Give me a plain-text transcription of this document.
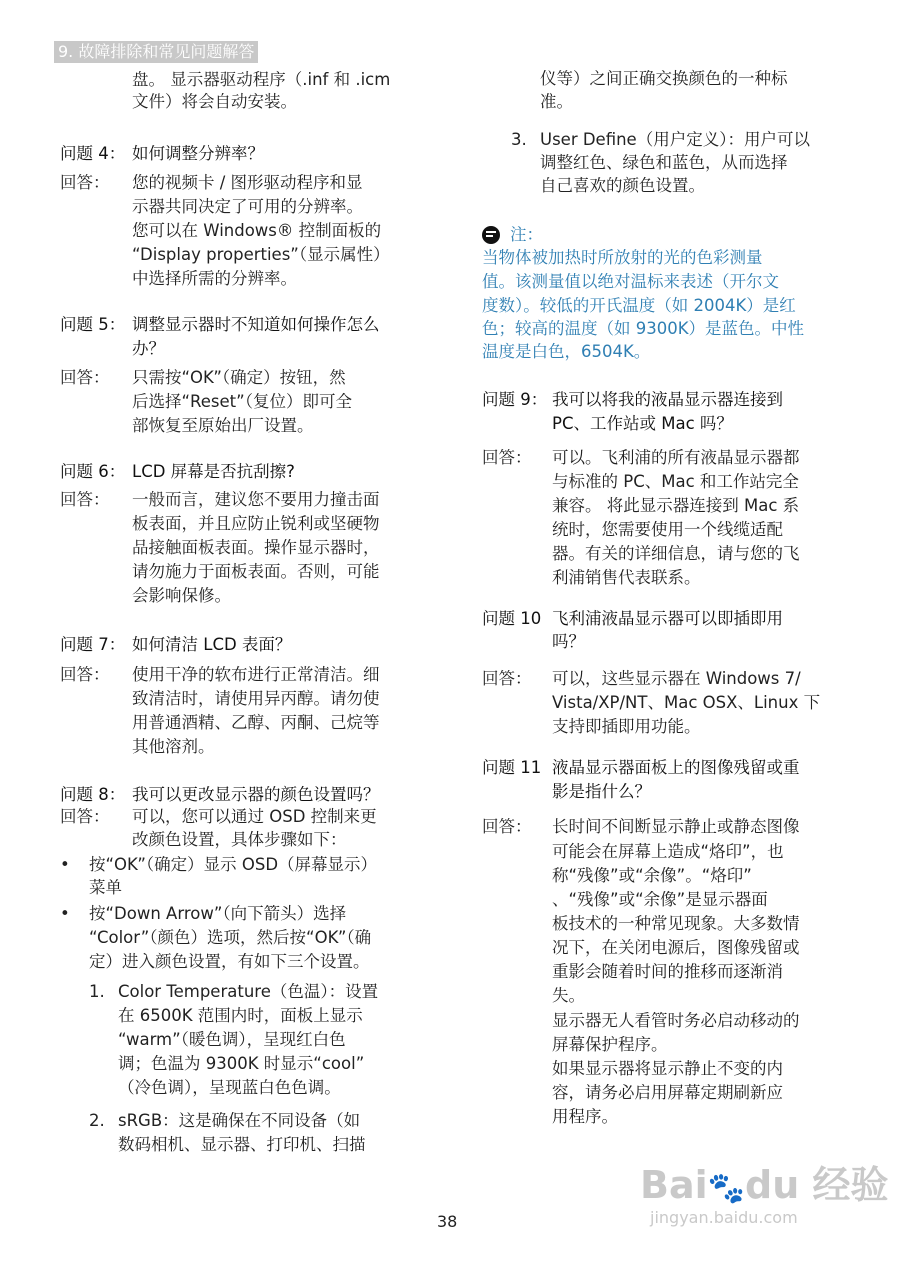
9. 故障排除和常见问题解答
盘。 显示器驱动程序（.inf 和 .icm
文件）将会自动安装。
问题 4： 如何调整分辨率？
回答： 您的视频卡 / 图形驱动程序和显
示器共同决定了可用的分辨率。
您可以在 Windows® 控制面板的
“Display properties”（显示属性）
中选择所需的分辨率。
问题 5： 调整显示器时不知道如何操作怎么
办？
回答： 只需按“OK”（确定）按钮，然
后选择“Reset”（复位）即可全
部恢复至原始出厂设置。
问题 6： LCD 屏幕是否抗刮擦?
回答： 一般而言，建议您不要用力撞击面
板表面，并且应防止锐利或坚硬物
品接触面板表面。操作显示器时，
请勿施力于面板表面。否则，可能
会影响保修。
问题 7： 如何清洁 LCD 表面？
回答： 使用干净的软布进行正常清洁。细
致清洁时，请使用异丙醇。请勿使
用普通酒精、乙醇、丙酮、己烷等
其他溶剂。
问题 8： 我可以更改显示器的颜色设置吗？
回答： 可以，您可以通过 OSD 控制来更
改颜色设置，具体步骤如下：
• 按“OK”（确定）显示 OSD（屏幕显示）
菜单
• 按“Down Arrow”（向下箭头）选择
“Color”（颜色）选项，然后按“OK”（确
定）进入颜色设置，有如下三个设置。
1. Color Temperature（色温）：设置
在 6500K 范围内时，面板上显示
“warm”（暖色调），呈现红白色
调；色温为 9300K 时显示“cool”
（冷色调），呈现蓝白色色调。
2. sRGB：这是确保在不同设备（如
数码相机、显示器、打印机、扫描
仪等）之间正确交换颜色的一种标
准。
3. User Define（用户定义）：用户可以
调整红色、绿色和蓝色，从而选择
自己喜欢的颜色设置。
注：
当物体被加热时所放射的光的色彩测量
值。该测量值以绝对温标来表述（开尔文
度数）。较低的开氏温度（如 2004K）是红
色；较高的温度（如 9300K）是蓝色。中性
温度是白色，6504K。
问题 9： 我可以将我的液晶显示器连接到
PC、工作站或 Mac 吗？
回答： 可以。飞利浦的所有液晶显示器都
与标准的 PC、Mac 和工作站完全
兼容。 将此显示器连接到 Mac 系
统时，您需要使用一个线缆适配
器。有关的详细信息，请与您的飞
利浦销售代表联系。
问题 10 飞利浦液晶显示器可以即插即用
吗？
回答： 可以，这些显示器在 Windows 7/
Vista/XP/NT、Mac OSX、Linux 下
支持即插即用功能。
问题 11 液晶显示器面板上的图像残留或重
影是指什么？
回答： 长时间不间断显示静止或静态图像
可能会在屏幕上造成“烙印”，也
称“残像”或“余像”。“烙印”
、“残像”或“余像”是显示器面
板技术的一种常见现象。大多数情
况下，在关闭电源后，图像残留或
重影会随着时间的推移而逐渐消
失。
显示器无人看管时务必启动移动的
屏幕保护程序。
如果显示器将显示静止不变的内
容，请务必启用屏幕定期刷新应
用程序。
38
Bai🐾du 经验
jingyan.baidu.com
